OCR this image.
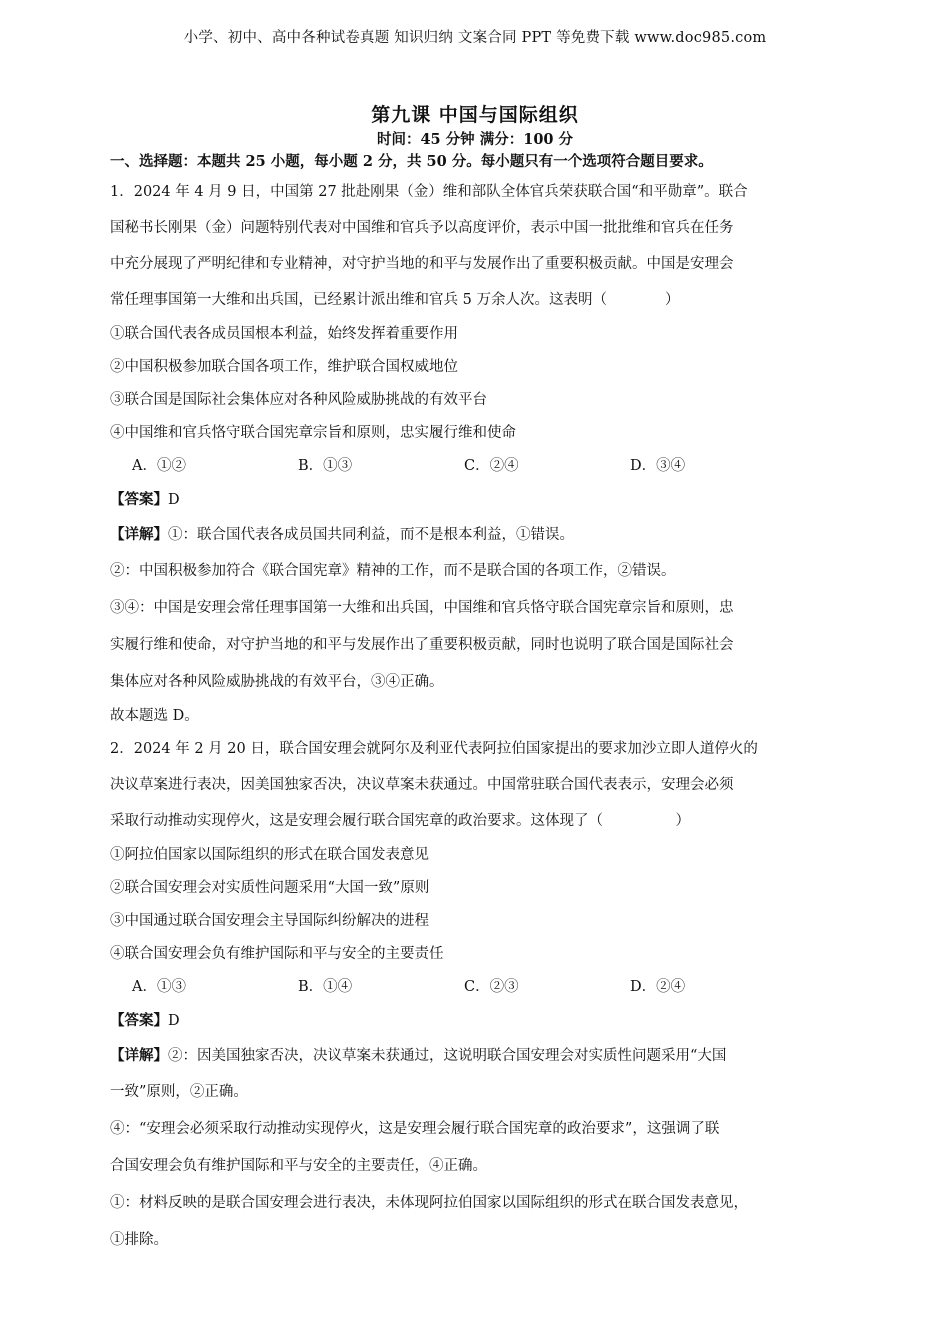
小学、初中、高中各种试卷真题 知识归纳 文案合同 PPT 等免费下载 www.doc985.com
第九课 中国与国际组织
时间：45 分钟 满分：100 分
一、选择题：本题共 25 小题，每小题 2 分，共 50 分。每小题只有一个选项符合题目要求。
1．2024 年 4 月 9 日，中国第 27 批赴刚果（金）维和部队全体官兵荣获联合国“和平勋章”。联合
国秘书长刚果（金）问题特别代表对中国维和官兵予以高度评价，表示中国一批批维和官兵在任务
中充分展现了严明纪律和专业精神，对守护当地的和平与发展作出了重要积极贡献。中国是安理会
常任理事国第一大维和出兵国，已经累计派出维和官兵 5 万余人次。这表明（　　　　）
①联合国代表各成员国根本利益，始终发挥着重要作用
②中国积极参加联合国各项工作，维护联合国权威地位
③联合国是国际社会集体应对各种风险威胁挑战的有效平台
④中国维和官兵恪守联合国宪章宗旨和原则，忠实履行维和使命
A．①②	B．①③	C．②④	D．③④
【答案】D
【详解】①：联合国代表各成员国共同利益，而不是根本利益，①错误。
②：中国积极参加符合《联合国宪章》精神的工作，而不是联合国的各项工作，②错误。
③④：中国是安理会常任理事国第一大维和出兵国，中国维和官兵恪守联合国宪章宗旨和原则，忠
实履行维和使命，对守护当地的和平与发展作出了重要积极贡献，同时也说明了联合国是国际社会
集体应对各种风险威胁挑战的有效平台，③④正确。
故本题选 D。
2．2024 年 2 月 20 日，联合国安理会就阿尔及利亚代表阿拉伯国家提出的要求加沙立即人道停火的
决议草案进行表决，因美国独家否决，决议草案未获通过。中国常驻联合国代表表示，安理会必须
采取行动推动实现停火，这是安理会履行联合国宪章的政治要求。这体现了（　　　　　）
①阿拉伯国家以国际组织的形式在联合国发表意见
②联合国安理会对实质性问题采用“大国一致”原则
③中国通过联合国安理会主导国际纠纷解决的进程
④联合国安理会负有维护国际和平与安全的主要责任
A．①③	B．①④	C．②③	D．②④
【答案】D
【详解】②：因美国独家否决，决议草案未获通过，这说明联合国安理会对实质性问题采用“大国
一致”原则，②正确。
④：“安理会必须采取行动推动实现停火，这是安理会履行联合国宪章的政治要求”，这强调了联
合国安理会负有维护国际和平与安全的主要责任，④正确。
①：材料反映的是联合国安理会进行表决，未体现阿拉伯国家以国际组织的形式在联合国发表意见，
①排除。
